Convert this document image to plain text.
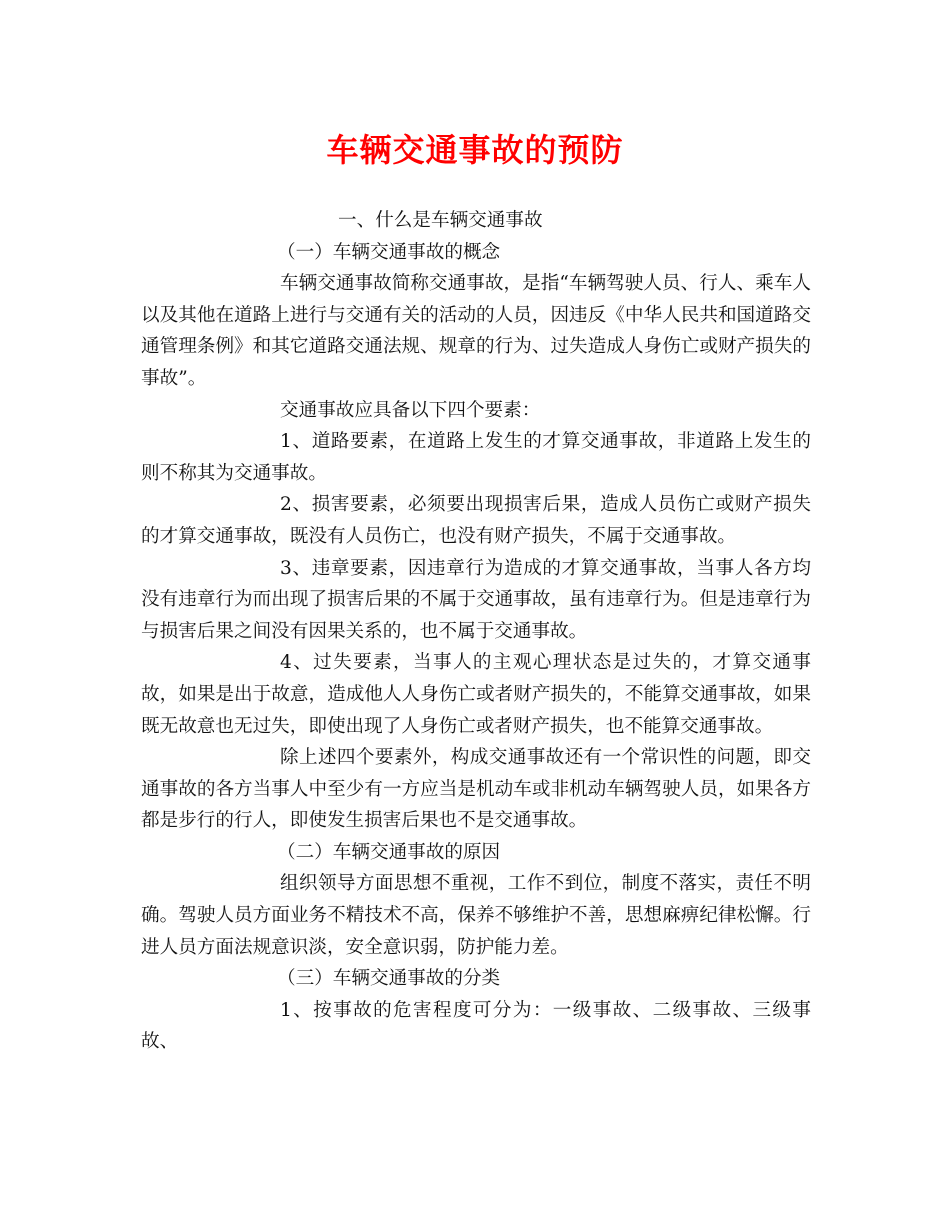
车辆交通事故的预防

一、什么是车辆交通事故

（一）车辆交通事故的概念

车辆交通事故简称交通事故，是指“车辆驾驶人员、行人、乘车人以及其他在道路上进行与交通有关的活动的人员，因违反《中华人民共和国道路交通管理条例》和其它道路交通法规、规章的行为、过失造成人身伤亡或财产损失的事故”。

交通事故应具备以下四个要素：

1、道路要素，在道路上发生的才算交通事故，非道路上发生的则不称其为交通事故。

2、损害要素，必须要出现损害后果，造成人员伤亡或财产损失的才算交通事故，既没有人员伤亡，也没有财产损失，不属于交通事故。

3、违章要素，因违章行为造成的才算交通事故，当事人各方均没有违章行为而出现了损害后果的不属于交通事故，虽有违章行为。但是违章行为与损害后果之间没有因果关系的，也不属于交通事故。

4、过失要素，当事人的主观心理状态是过失的，才算交通事故，如果是出于故意，造成他人人身伤亡或者财产损失的，不能算交通事故，如果既无故意也无过失，即使出现了人身伤亡或者财产损失，也不能算交通事故。

除上述四个要素外，构成交通事故还有一个常识性的问题，即交通事故的各方当事人中至少有一方应当是机动车或非机动车辆驾驶人员，如果各方都是步行的行人，即使发生损害后果也不是交通事故。

（二）车辆交通事故的原因

组织领导方面思想不重视，工作不到位，制度不落实，责任不明确。驾驶人员方面业务不精技术不高，保养不够维护不善，思想麻痹纪律松懈。行进人员方面法规意识淡，安全意识弱，防护能力差。

（三）车辆交通事故的分类

1、按事故的危害程度可分为：一级事故、二级事故、三级事故、
